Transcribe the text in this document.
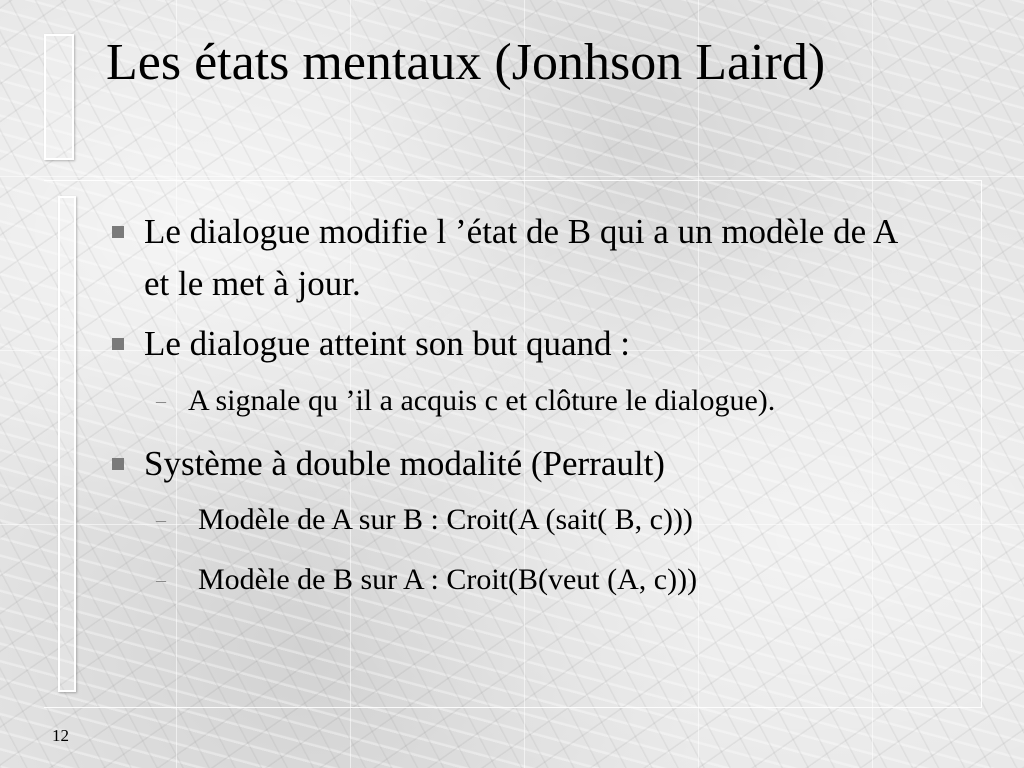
Les états mentaux (Jonhson Laird)
Le dialogue modifie l ’état de B qui a un modèle de A et le met à jour.
Le dialogue atteint son but quand :
– A signale qu ’il a acquis c et clôture le dialogue).
Système à double modalité (Perrault)
– Modèle de A sur B : Croit(A (sait( B, c)))
– Modèle de B sur A : Croit(B(veut (A, c)))
12
